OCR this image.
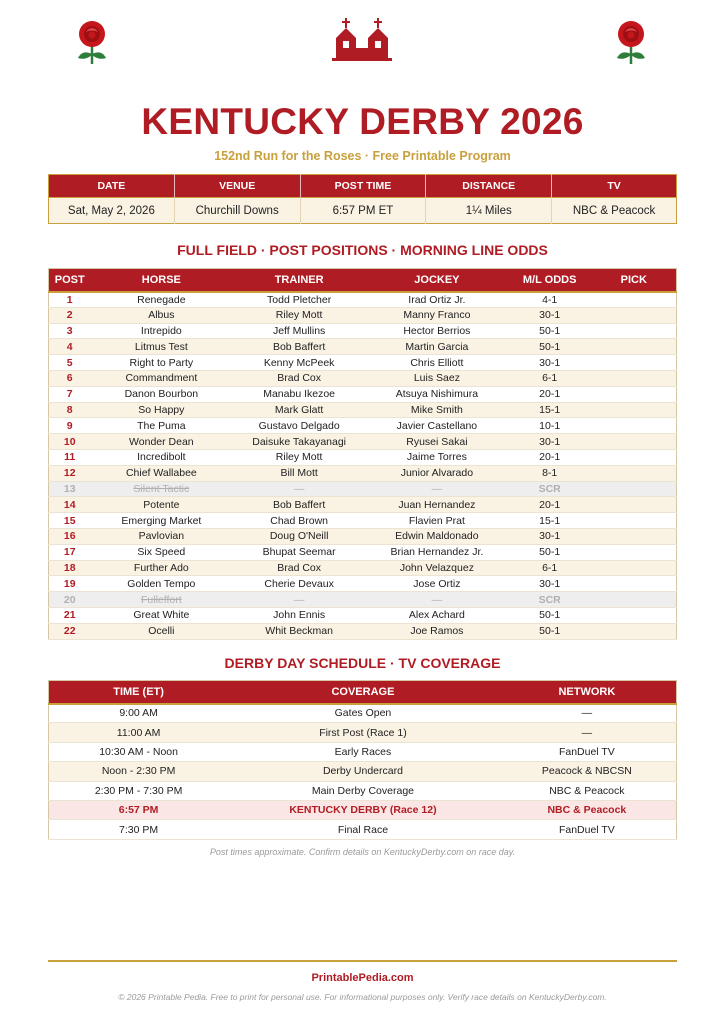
KENTUCKY DERBY 2026
152nd Run for the Roses · Free Printable Program
DATE	VENUE	POST TIME	DISTANCE	TV
Sat, May 2, 2026	Churchill Downs	6:57 PM ET	1¼ Miles	NBC & Peacock
FULL FIELD · POST POSITIONS · MORNING LINE ODDS
POST	HORSE	TRAINER	JOCKEY	M/L ODDS	PICK
1	Renegade	Todd Pletcher	Irad Ortiz Jr.	4-1	
2	Albus	Riley Mott	Manny Franco	30-1	
3	Intrepido	Jeff Mullins	Hector Berrios	50-1	
4	Litmus Test	Bob Baffert	Martin Garcia	50-1	
5	Right to Party	Kenny McPeek	Chris Elliott	30-1	
6	Commandment	Brad Cox	Luis Saez	6-1	
7	Danon Bourbon	Manabu Ikezoe	Atsuya Nishimura	20-1	
8	So Happy	Mark Glatt	Mike Smith	15-1	
9	The Puma	Gustavo Delgado	Javier Castellano	10-1	
10	Wonder Dean	Daisuke Takayanagi	Ryusei Sakai	30-1	
11	Incredibolt	Riley Mott	Jaime Torres	20-1	
12	Chief Wallabee	Bill Mott	Junior Alvarado	8-1	
13	Silent Tactic	—	—	SCR	
14	Potente	Bob Baffert	Juan Hernandez	20-1	
15	Emerging Market	Chad Brown	Flavien Prat	15-1	
16	Pavlovian	Doug O'Neill	Edwin Maldonado	30-1	
17	Six Speed	Bhupat Seemar	Brian Hernandez Jr.	50-1	
18	Further Ado	Brad Cox	John Velazquez	6-1	
19	Golden Tempo	Cherie Devaux	Jose Ortiz	30-1	
20	Fulleffort	—	—	SCR	
21	Great White	John Ennis	Alex Achard	50-1	
22	Ocelli	Whit Beckman	Joe Ramos	50-1	
DERBY DAY SCHEDULE · TV COVERAGE
TIME (ET)	COVERAGE	NETWORK
9:00 AM	Gates Open	—
11:00 AM	First Post (Race 1)	—
10:30 AM - Noon	Early Races	FanDuel TV
Noon - 2:30 PM	Derby Undercard	Peacock & NBCSN
2:30 PM - 7:30 PM	Main Derby Coverage	NBC & Peacock
6:57 PM	KENTUCKY DERBY (Race 12)	NBC & Peacock
7:30 PM	Final Race	FanDuel TV
Post times approximate. Confirm details on KentuckyDerby.com on race day.
PrintablePedia.com
© 2026 Printable Pedia. Free to print for personal use. For informational purposes only. Verify race details on KentuckyDerby.com.
